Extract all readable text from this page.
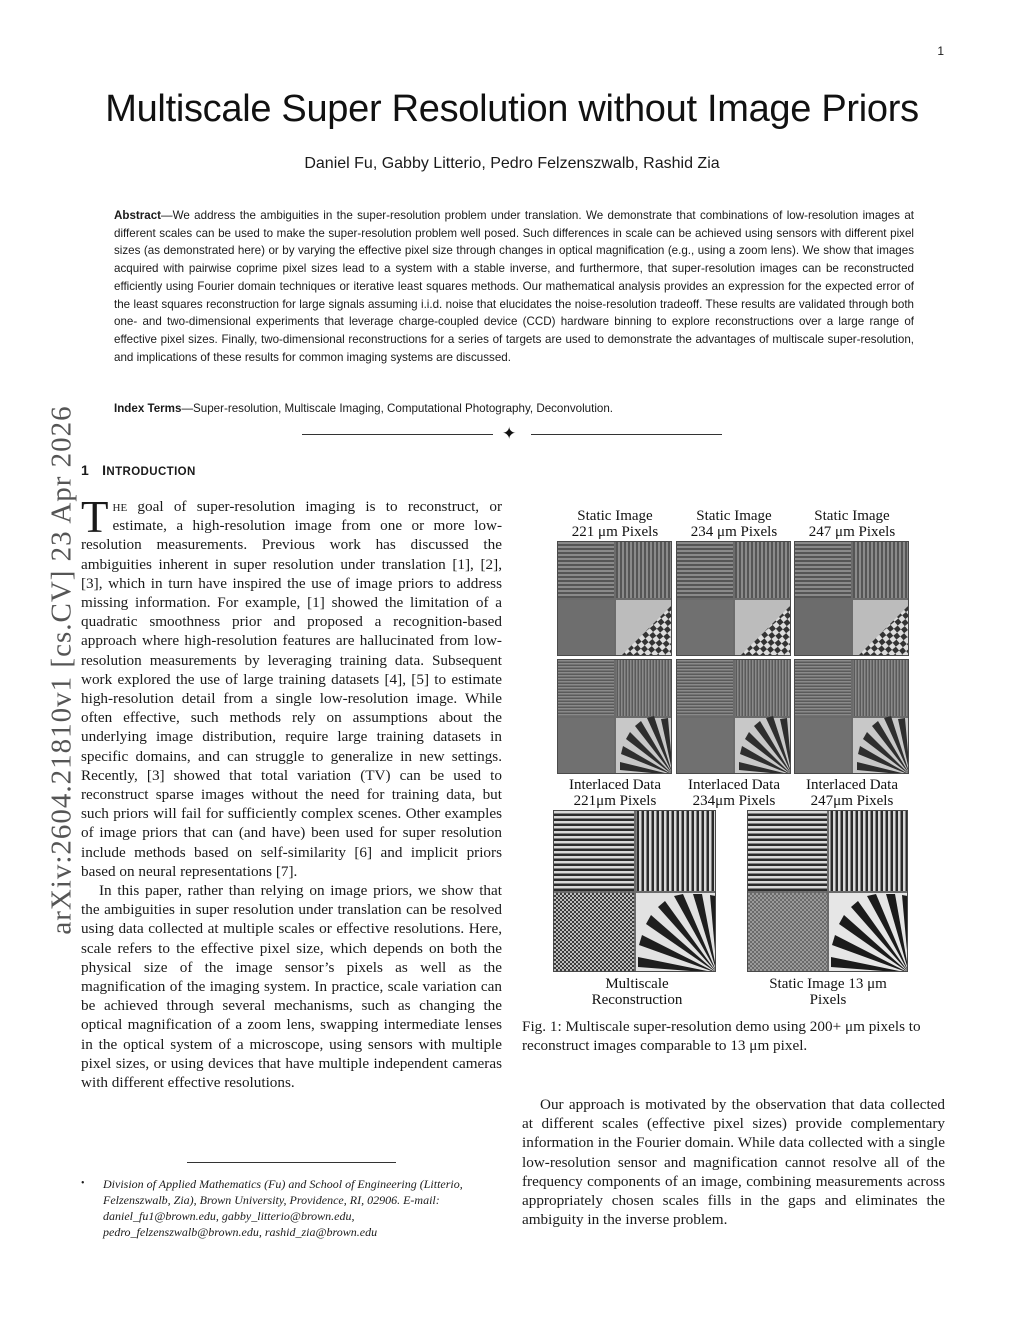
1
Multiscale Super Resolution without Image Priors
Daniel Fu, Gabby Litterio, Pedro Felzenszwalb, Rashid Zia
Abstract—We address the ambiguities in the super-resolution problem under translation. We demonstrate that combinations of low-resolution images at different scales can be used to make the super-resolution problem well posed. Such differences in scale can be achieved using sensors with different pixel sizes (as demonstrated here) or by varying the effective pixel size through changes in optical magnification (e.g., using a zoom lens). We show that images acquired with pairwise coprime pixel sizes lead to a system with a stable inverse, and furthermore, that super-resolution images can be reconstructed efficiently using Fourier domain techniques or iterative least squares methods. Our mathematical analysis provides an expression for the expected error of the least squares reconstruction for large signals assuming i.i.d. noise that elucidates the noise-resolution tradeoff. These results are validated through both one- and two-dimensional experiments that leverage charge-coupled device (CCD) hardware binning to explore reconstructions over a large range of effective pixel sizes. Finally, two-dimensional reconstructions for a series of targets are used to demonstrate the advantages of multiscale super-resolution, and implications of these results for common imaging systems are discussed.
Index Terms—Super-resolution, Multiscale Imaging, Computational Photography, Deconvolution.
✦
1 INTRODUCTION

The goal of super-resolution imaging is to reconstruct, or estimate, a high-resolution image from one or more low-resolution measurements. Previous work has discussed the ambiguities inherent in super resolution under translation [1], [2], [3], which in turn have inspired the use of image priors to address missing information. For example, [1] showed the limitation of a quadratic smoothness prior and proposed a recognition-based approach where high-resolution features are hallucinated from low-resolution measurements by leveraging training data. Subsequent work explored the use of large training datasets [4], [5] to estimate high-resolution detail from a single low-resolution image. While often effective, such methods rely on assumptions about the underlying image distribution, require large training datasets in specific domains, and can struggle to generalize in new settings. Recently, [3] showed that total variation (TV) can be used to reconstruct sparse images without the need for training data, but such priors will fail for sufficiently complex scenes. Other examples of image priors that can (and have) been used for super resolution include methods based on self-similarity [6] and implicit priors based on neural representations [7].

In this paper, rather than relying on image priors, we show that the ambiguities in super resolution under translation can be resolved using data collected at multiple scales or effective resolutions. Here, scale refers to the effective pixel size, which depends on both the physical size of the image sensor’s pixels as well as the magnification of the imaging system. In practice, scale variation can be achieved through several mechanisms, such as changing the optical magnification of a zoom lens, swapping intermediate lenses in the optical system of a microscope, using sensors with multiple pixel sizes, or using devices that have multiple independent cameras with different effective resolutions.

• Division of Applied Mathematics (Fu) and School of Engineering (Litterio, Felzenszwalb, Zia), Brown University, Providence, RI, 02906. E-mail: daniel_fu1@brown.edu, gabby_litterio@brown.edu, pedro_felzenszwalb@brown.edu, rashid_zia@brown.edu
arXiv:2604.21810v1 [cs.CV] 23 Apr 2026	Static Image
221 μm Pixels
Static Image
234 μm Pixels
Static Image
247 μm Pixels
Interlaced Data
221μm Pixels
Interlaced Data
234μm Pixels
Interlaced Data
247μm Pixels
Multiscale
Reconstruction
Static Image 13 μm
Pixels
Fig. 1: Multiscale super-resolution demo using 200+ μm pixels to reconstruct images comparable to 13 μm pixel.

Our approach is motivated by the observation that data collected at different scales (effective pixel sizes) provide complementary information in the Fourier domain. While data collected with a single low-resolution sensor and magnification cannot resolve all of the frequency components of an image, combining measurements across appropriately chosen scales fills in the gaps and eliminates the ambiguity in the inverse problem.
